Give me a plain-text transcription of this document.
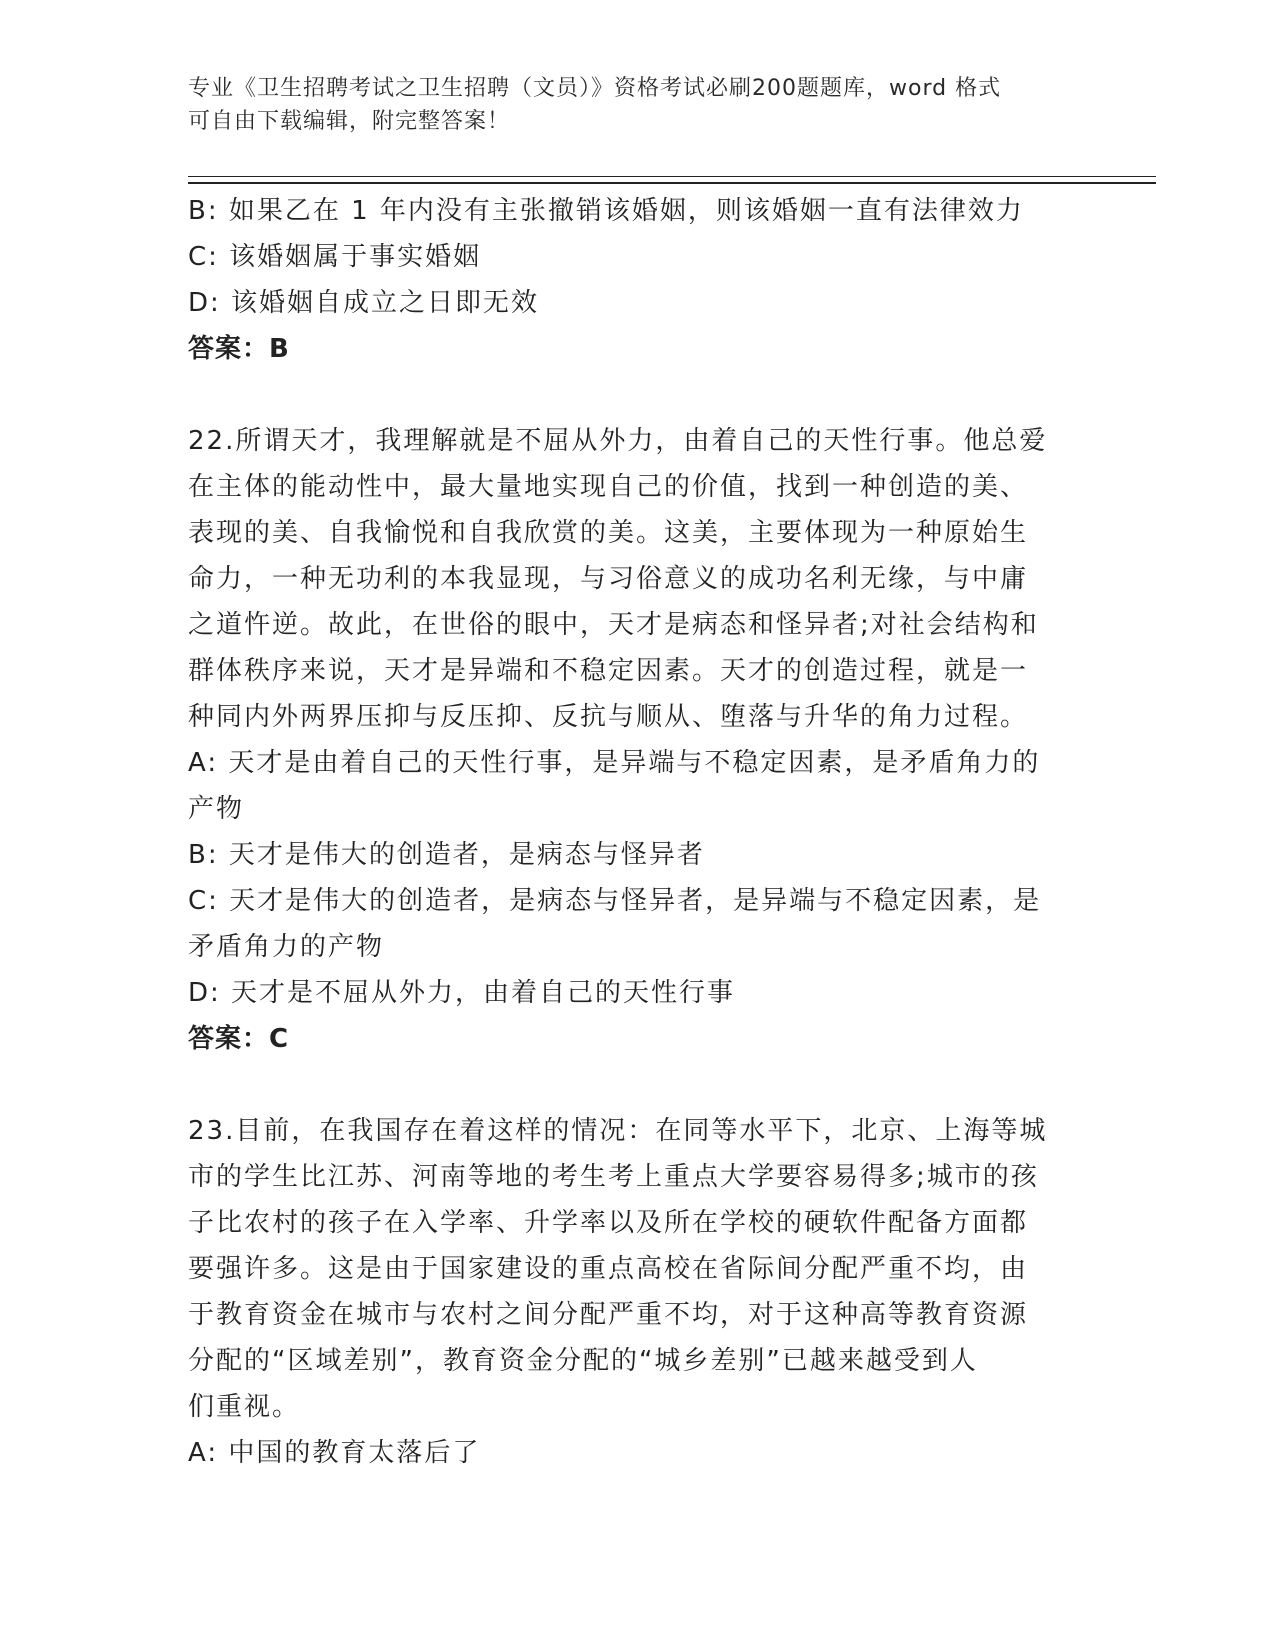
专业《卫生招聘考试之卫生招聘（文员）》资格考试必刷200题题库，word 格式
可自由下载编辑，附完整答案！
B: 如果乙在 1 年内没有主张撤销该婚姻，则该婚姻一直有法律效力
C: 该婚姻属于事实婚姻
D: 该婚姻自成立之日即无效
答案：B
22.所谓天才，我理解就是不屈从外力，由着自己的天性行事。他总爱
在主体的能动性中，最大量地实现自己的价值，找到一种创造的美、
表现的美、自我愉悦和自我欣赏的美。这美，主要体现为一种原始生
命力，一种无功利的本我显现，与习俗意义的成功名利无缘，与中庸
之道忤逆。故此，在世俗的眼中，天才是病态和怪异者;对社会结构和
群体秩序来说，天才是异端和不稳定因素。天才的创造过程，就是一
种同内外两界压抑与反压抑、反抗与顺从、堕落与升华的角力过程。
A: 天才是由着自己的天性行事，是异端与不稳定因素，是矛盾角力的
产物
B: 天才是伟大的创造者，是病态与怪异者
C: 天才是伟大的创造者，是病态与怪异者，是异端与不稳定因素，是
矛盾角力的产物
D: 天才是不屈从外力，由着自己的天性行事
答案：C
23.目前，在我国存在着这样的情况：在同等水平下，北京、上海等城
市的学生比江苏、河南等地的考生考上重点大学要容易得多;城市的孩
子比农村的孩子在入学率、升学率以及所在学校的硬软件配备方面都
要强许多。这是由于国家建设的重点高校在省际间分配严重不均，由
于教育资金在城市与农村之间分配严重不均，对于这种高等教育资源
分配的“区域差别”，教育资金分配的“城乡差别”已越来越受到人
们重视。
A: 中国的教育太落后了
